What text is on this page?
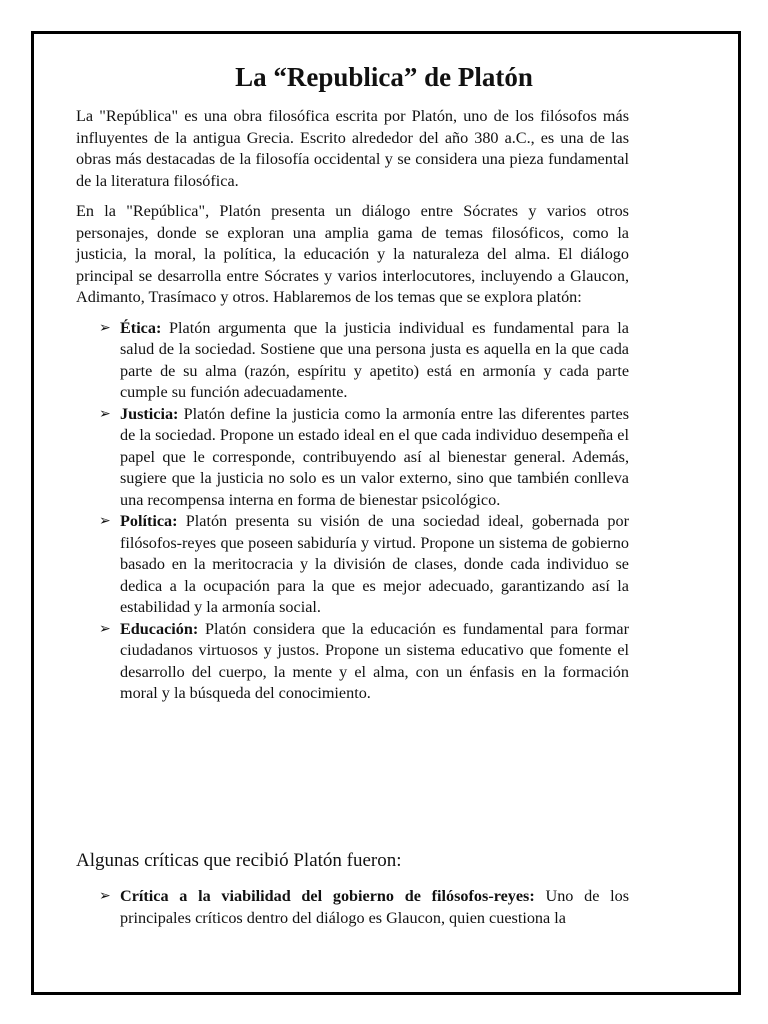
La “Republica” de Platón

La "República" es una obra filosófica escrita por Platón, uno de los filósofos más influyentes de la antigua Grecia. Escrito alrededor del año 380 a.C., es una de las obras más destacadas de la filosofía occidental y se considera una pieza fundamental de la literatura filosófica.

En la "República", Platón presenta un diálogo entre Sócrates y varios otros personajes, donde se exploran una amplia gama de temas filosóficos, como la justicia, la moral, la política, la educación y la naturaleza del alma. El diálogo principal se desarrolla entre Sócrates y varios interlocutores, incluyendo a Glaucon, Adimanto, Trasímaco y otros. Hablaremos de los temas que se explora platón:

➢ Ética: Platón argumenta que la justicia individual es fundamental para la salud de la sociedad. Sostiene que una persona justa es aquella en la que cada parte de su alma (razón, espíritu y apetito) está en armonía y cada parte cumple su función adecuadamente.
➢ Justicia: Platón define la justicia como la armonía entre las diferentes partes de la sociedad. Propone un estado ideal en el que cada individuo desempeña el papel que le corresponde, contribuyendo así al bienestar general. Además, sugiere que la justicia no solo es un valor externo, sino que también conlleva una recompensa interna en forma de bienestar psicológico.
➢ Política: Platón presenta su visión de una sociedad ideal, gobernada por filósofos-reyes que poseen sabiduría y virtud. Propone un sistema de gobierno basado en la meritocracia y la división de clases, donde cada individuo se dedica a la ocupación para la que es mejor adecuado, garantizando así la estabilidad y la armonía social.
➢ Educación: Platón considera que la educación es fundamental para formar ciudadanos virtuosos y justos. Propone un sistema educativo que fomente el desarrollo del cuerpo, la mente y el alma, con un énfasis en la formación moral y la búsqueda del conocimiento.
Algunas críticas que recibió Platón fueron:
➢ Crítica a la viabilidad del gobierno de filósofos-reyes: Uno de los principales críticos dentro del diálogo es Glaucon, quien cuestiona la
